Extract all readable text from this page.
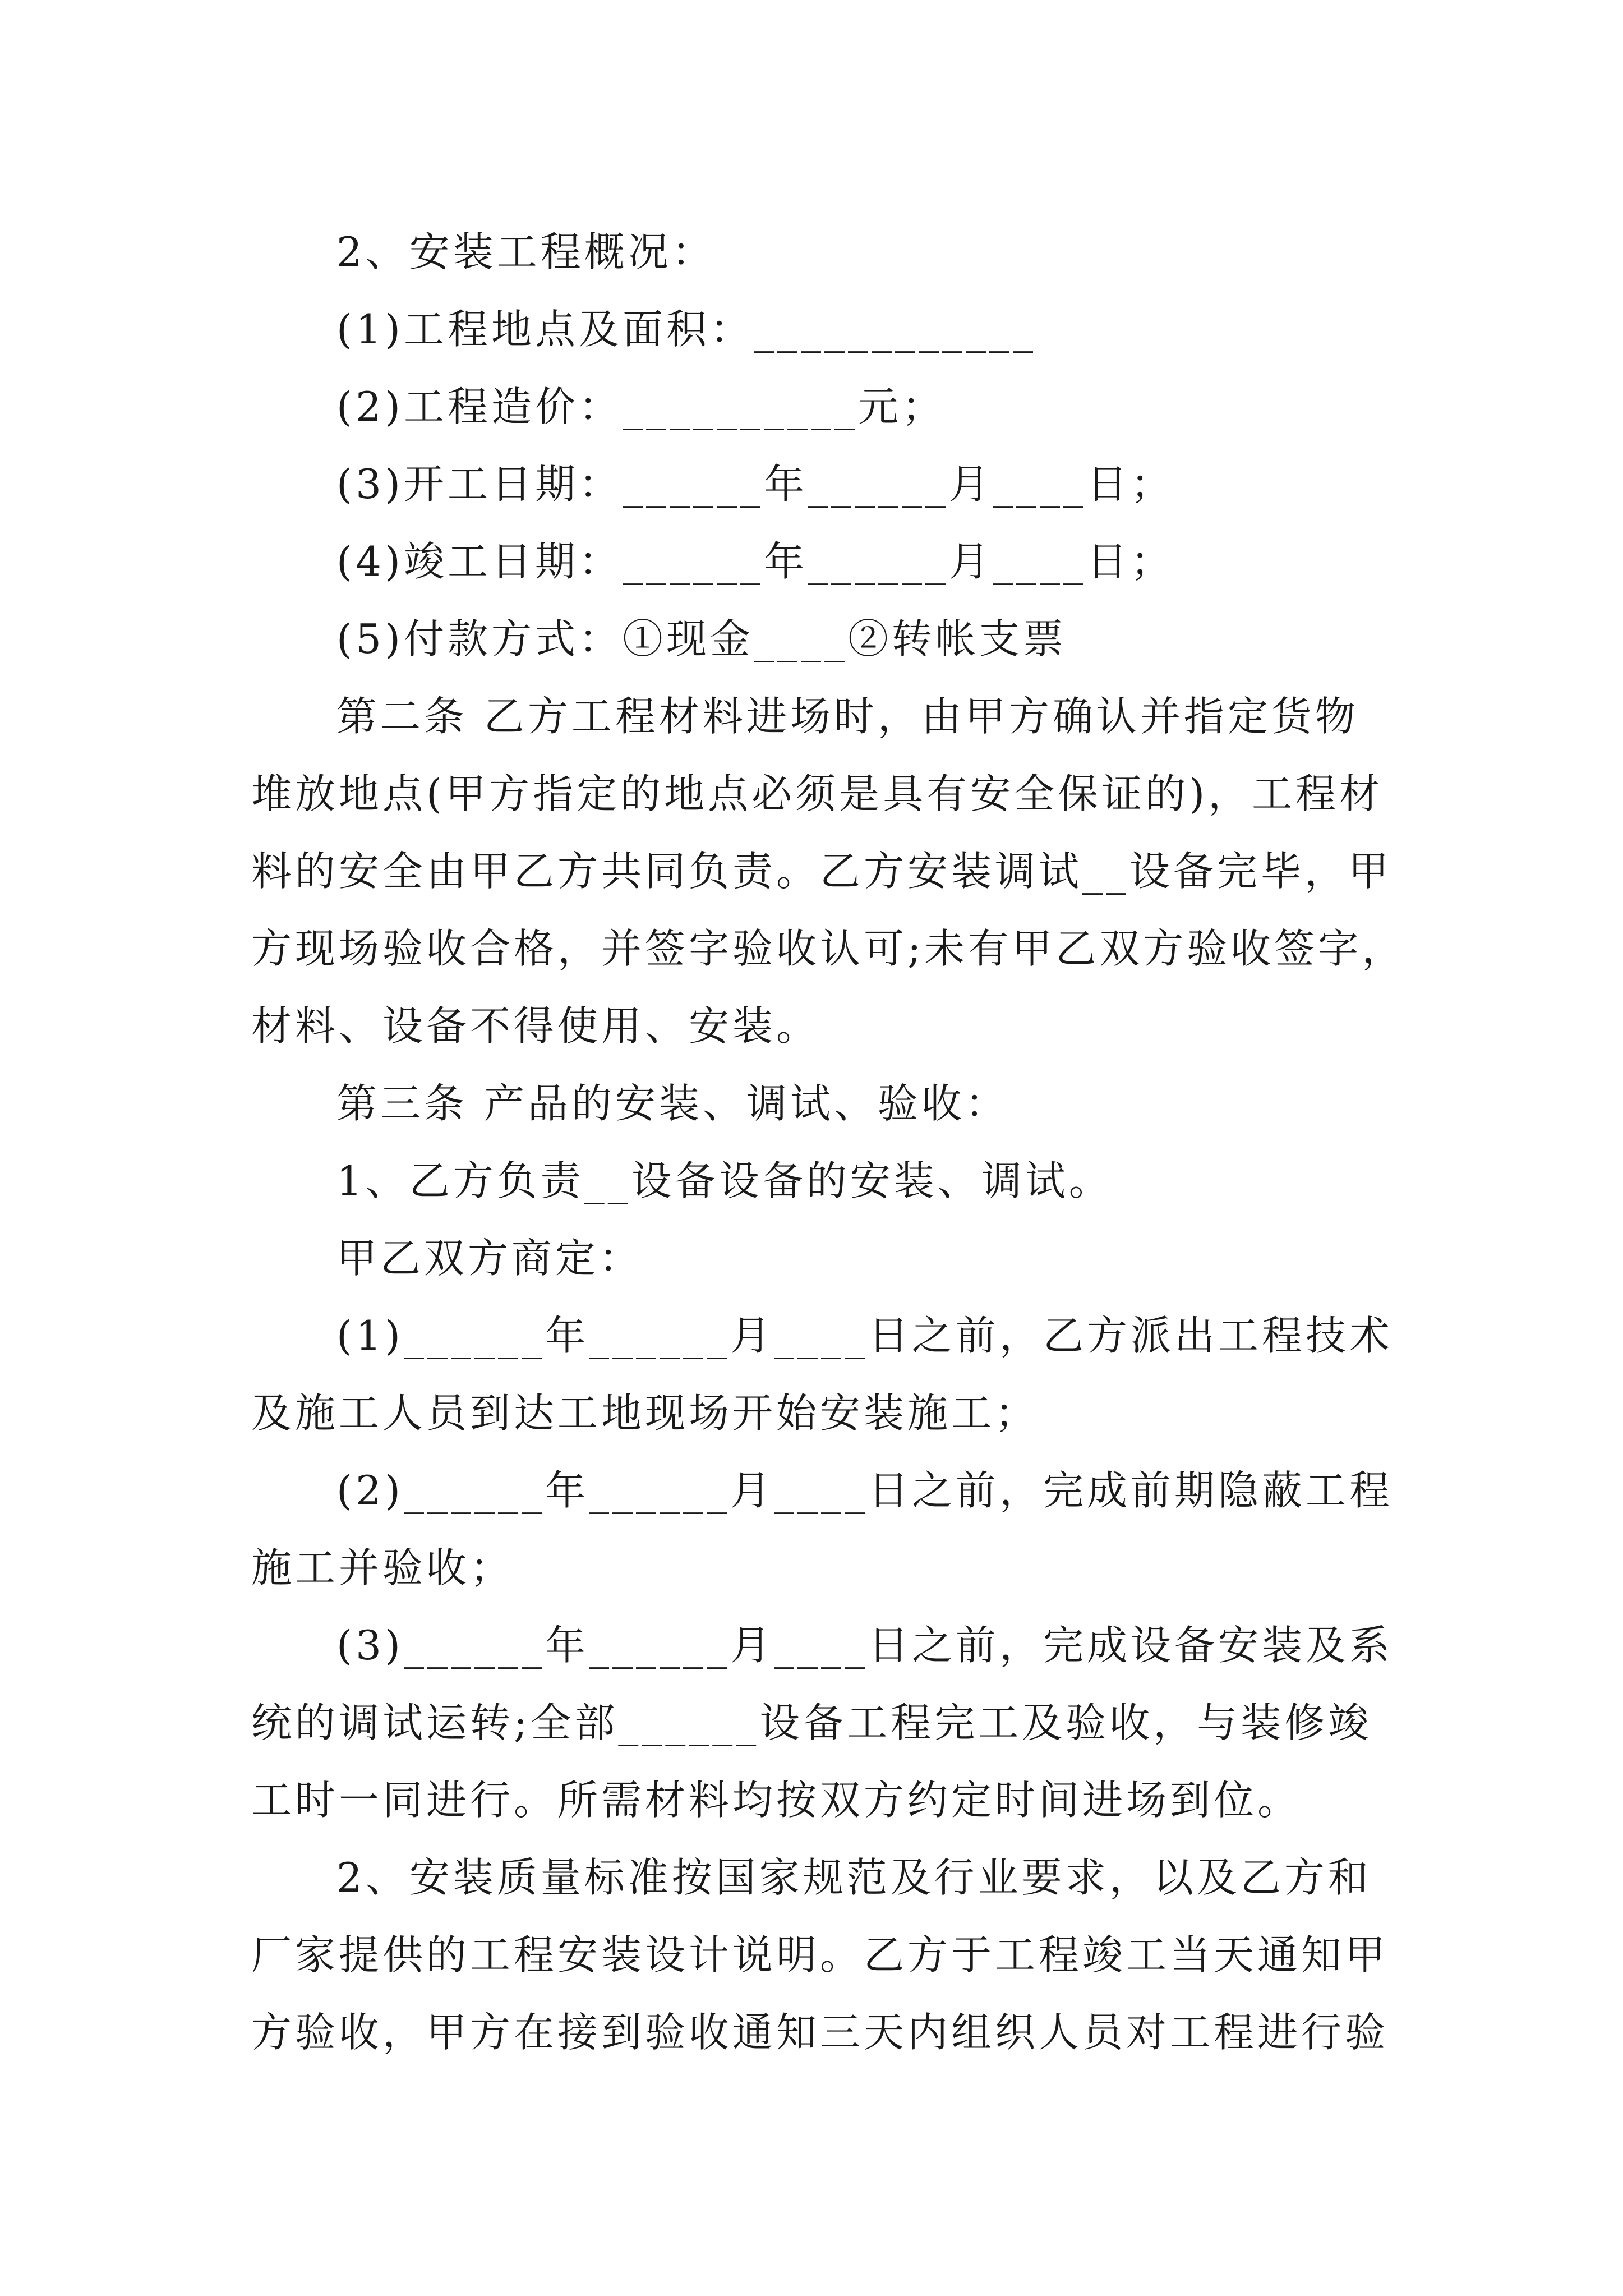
2、安装工程概况：
(1)工程地点及面积：____________
(2)工程造价：__________元；
(3)开工日期：______年______月____日；
(4)竣工日期：______年______月____日；
(5)付款方式：①现金____②转帐支票
第二条 乙方工程材料进场时，由甲方确认并指定货物
堆放地点(甲方指定的地点必须是具有安全保证的)，工程材
料的安全由甲乙方共同负责。乙方安装调试__设备完毕，甲
方现场验收合格，并签字验收认可;未有甲乙双方验收签字，
材料、设备不得使用、安装。
第三条 产品的安装、调试、验收：
1、乙方负责__设备设备的安装、调试。
甲乙双方商定：
(1)______年______月____日之前，乙方派出工程技术
及施工人员到达工地现场开始安装施工；
(2)______年______月____日之前，完成前期隐蔽工程
施工并验收；
(3)______年______月____日之前，完成设备安装及系
统的调试运转;全部______设备工程完工及验收，与装修竣
工时一同进行。所需材料均按双方约定时间进场到位。
2、安装质量标准按国家规范及行业要求，以及乙方和
厂家提供的工程安装设计说明。乙方于工程竣工当天通知甲
方验收，甲方在接到验收通知三天内组织人员对工程进行验
